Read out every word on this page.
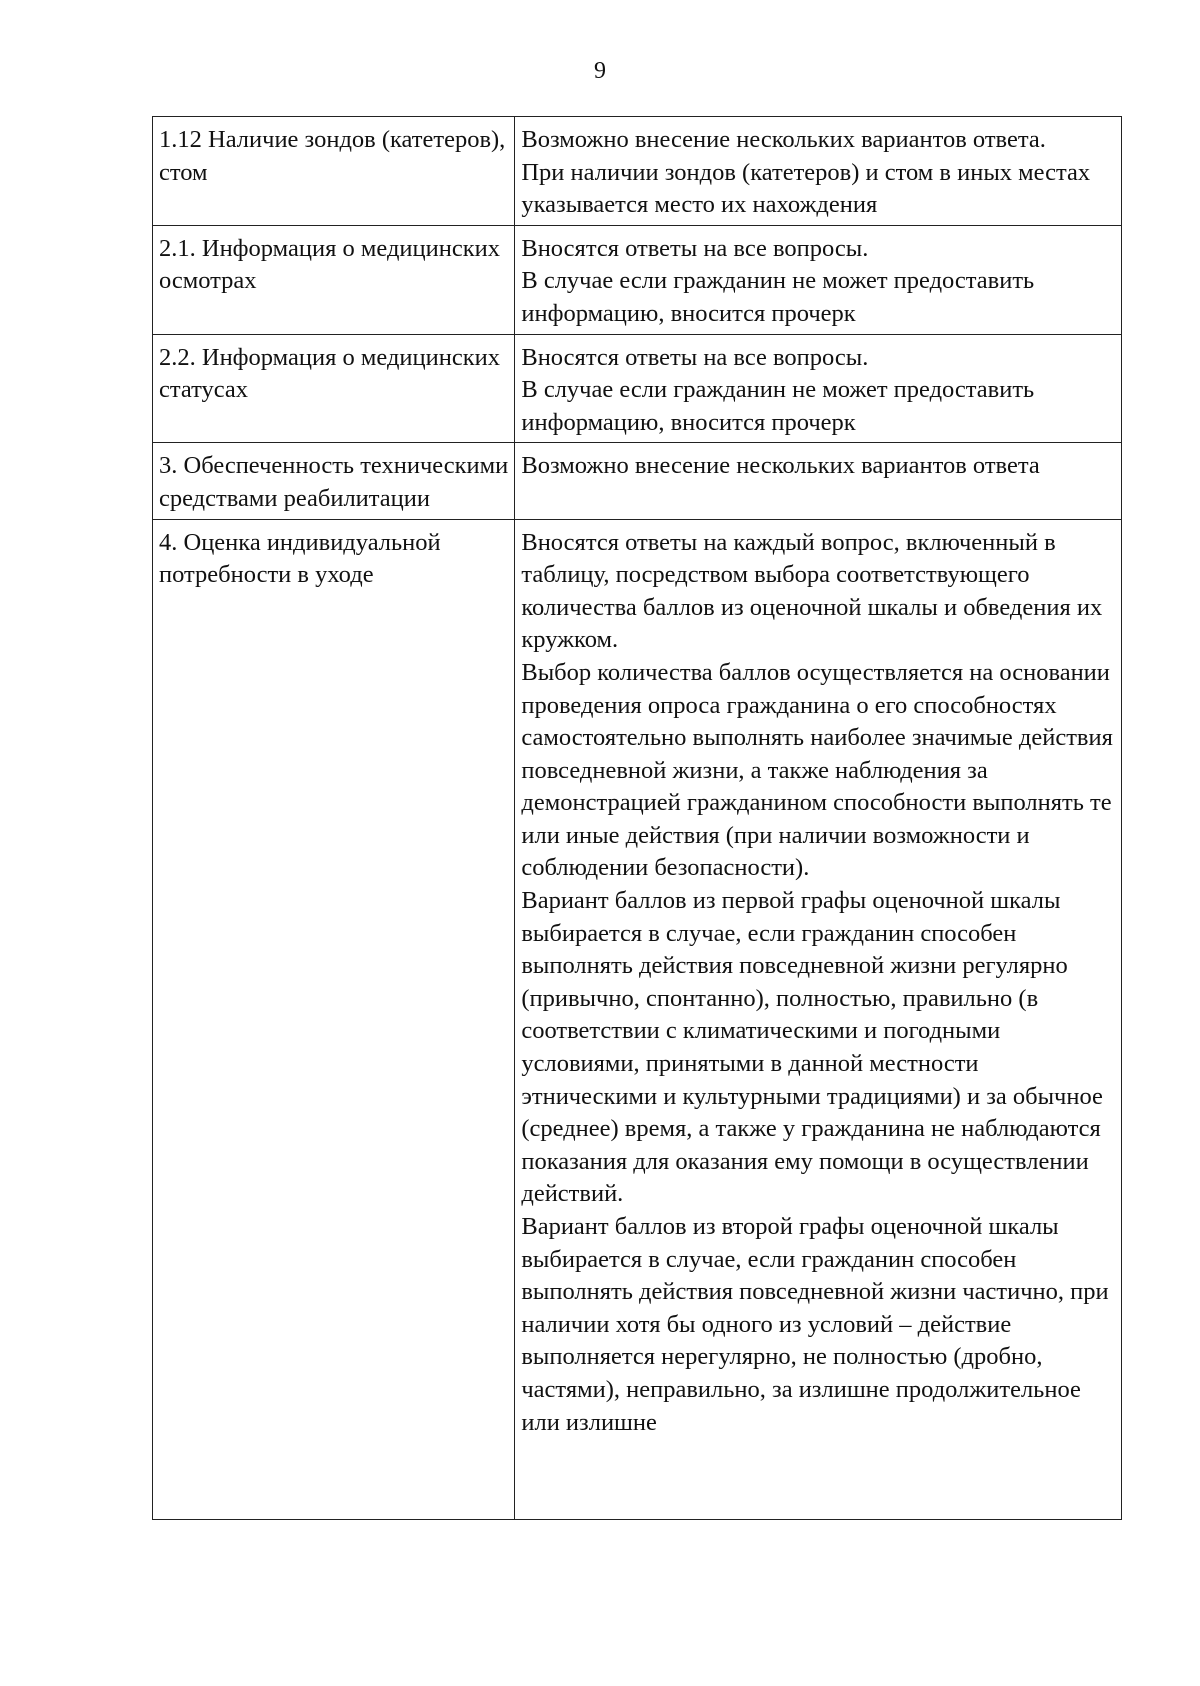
9
1.12 Наличие зондов (катетеров), стом	Возможно внесение нескольких вариантов ответа.
При наличии зондов (катетеров) и стом в иных местах указывается место их нахождения

2.1. Информация о медицинских осмотрах	Вносятся ответы на все вопросы.
В случае если гражданин не может предоставить информацию, вносится прочерк

2.2. Информация о медицинских статусах	Вносятся ответы на все вопросы.
В случае если гражданин не может предоставить информацию, вносится прочерк

3. Обеспеченность техническими средствами реабилитации	Возможно внесение нескольких вариантов ответа

4. Оценка индивидуальной потребности в уходе	Вносятся ответы на каждый вопрос, включенный в таблицу, посредством выбора соответствующего количества баллов из оценочной шкалы и обведения их кружком.
Выбор количества баллов осуществляется на основании проведения опроса гражданина о его способностях самостоятельно выполнять наиболее значимые действия повседневной жизни, а также наблюдения за демонстрацией гражданином способности выполнять те или иные действия (при наличии возможности и соблюдении безопасности).
Вариант баллов из первой графы оценочной шкалы выбирается в случае, если гражданин способен выполнять действия повседневной жизни регулярно (привычно, спонтанно), полностью, правильно (в соответствии с климатическими и погодными условиями, принятыми в данной местности этническими и культурными традициями) и за обычное (среднее) время, а также у гражданина не наблюдаются показания для оказания ему помощи в осуществлении действий.
Вариант баллов из второй графы оценочной шкалы выбирается в случае, если гражданин способен выполнять действия повседневной жизни частично, при наличии хотя бы одного из условий – действие выполняется нерегулярно, не полностью (дробно, частями), неправильно, за излишне продолжительное или излишне
